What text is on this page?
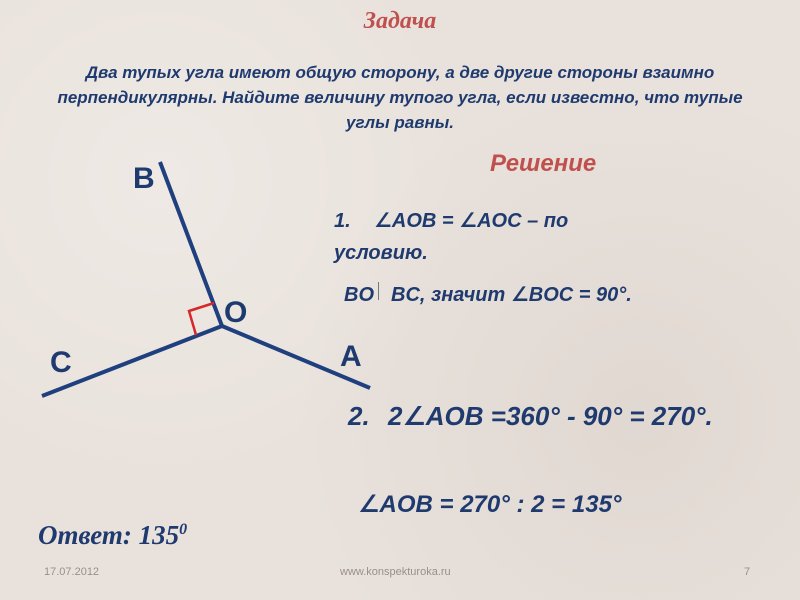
Задача
Два тупых угла имеют общую сторону, а две другие стороны взаимно перпендикулярны. Найдите величину тупого угла, если известно, что тупые углы равны.
B
O
C	A
Решение
1. ∠AOB = ∠AOC – по условию.
BO BC, значит ∠BOC = 90°.
2. 2∠AOB =360° - 90° = 270°.
∠AOB = 270° : 2 = 135°
Ответ: $135^0$
17.07.2012	www.konspekturoka.ru	7
